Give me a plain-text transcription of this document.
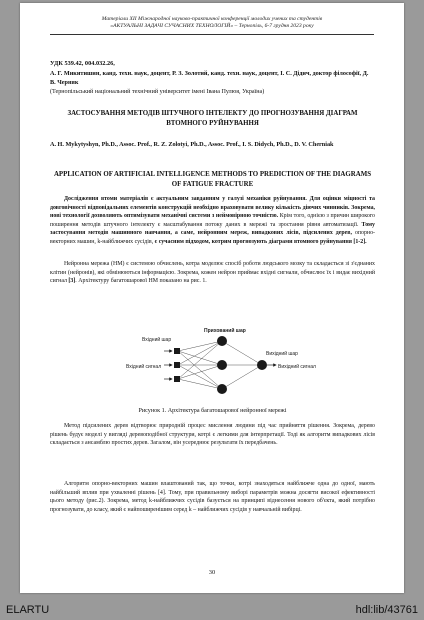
Матеріали XII Міжнародної науково-практичної конференції молодих учених та студентів
«АКТУАЛЬНІ ЗАДАЧІ СУЧАСНИХ ТЕХНОЛОГІЙ» – Тернопіль, 6-7 грудня 2023 року
УДК 539.42, 004.032.26,
А. Г. Микитишин, канд. техн. наук, доцент, Р. З. Золотий, канд. техн. наук, доцент, І. С. Дідич, доктор філософії, Д. В. Черняк
(Тернопільський національний технічний університет імені Івана Пулюя, Україна)
ЗАСТОСУВАННЯ МЕТОДІВ ШТУЧНОГО ІНТЕЛЕКТУ ДО ПРОГНОЗУВАННЯ ДІАГРАМ ВТОМНОГО РУЙНУВАННЯ
A. H. Mykytyshyn, Ph.D., Assoc. Prof., R. Z. Zolotyi, Ph.D., Assoc. Prof., I. S. Didych, Ph.D., D. V. Cherniak
APPLICATION OF ARTIFICIAL INTELLIGENCE METHODS TO PREDICTION OF THE DIAGRAMS OF FATIGUE FRACTURE
Дослідження втоми матеріалів є актуальним завданням у галузі механіки руйнування. Для оцінки міцності та довговічності відповідальних елементів конструкцій необхідно враховувати велику кількість діючих чинників. Зокрема, нові технології дозволяють оптимізувати механічні системи з неймовірною точністю. Крім того, однією з причин широкого поширення методів штучного інтелекту є масштабування потоку даних в мережі та зростання рівня автоматизації. Тому застосування методів машинного навчання, а саме, нейронним мереж, випадкових лісів, підсилених дерев, опорно-векторних машин, k-найближчих сусідів, є сучасним підходом, котрим прогнозують діаграми втомного руйнування [1-2].
Нейронна мережа (НМ) є системою обчислень, котра моделює спосіб роботи людського мозку та складається зі з'єднаних клітин (нейронів), які обмінюються інформацією. Зокрема, кожен нейрон приймає вхідні сигнали, обчислює їх і видає вихідний сигнал [3]. Архітектуру багатошарової НМ показано на рис. 1.
Прихований шар
Вхідний шар
Вхідний сигнал
Вихідний шар
Вихідний сигнал
Рисунок 1. Архітектура багатошарової нейронної мережі
Метод підсилених дерев відтворює природній процес мислення людини під час прийняття рішення. Зокрема, дерево рішень будує моделі у вигляді деревоподібної структури, котрі є легкими для інтерпретації. Тоді як алгоритм випадкових лісів складається з ансамблю простих дерев. Загалом, він усереднює результати їх передбачень.
Алгоритм опорно-векторних машин влаштований так, що точки, котрі знаходяться найближче одна до одної, мають найбільший вплив при ухваленні рішень [4]. Тому, при правильному виборі параметрів можна досягти високої ефективності цього методу (рис.2). Зокрема, метод k-найближчих сусідів базується на принципі віднесення нового об'єкта, який потрібно прогнозувати, до класу, який є найпоширенішим серед k – найближчих сусідів у навчальній вибірці.
30
ELARTU	hdl:lib/43761
